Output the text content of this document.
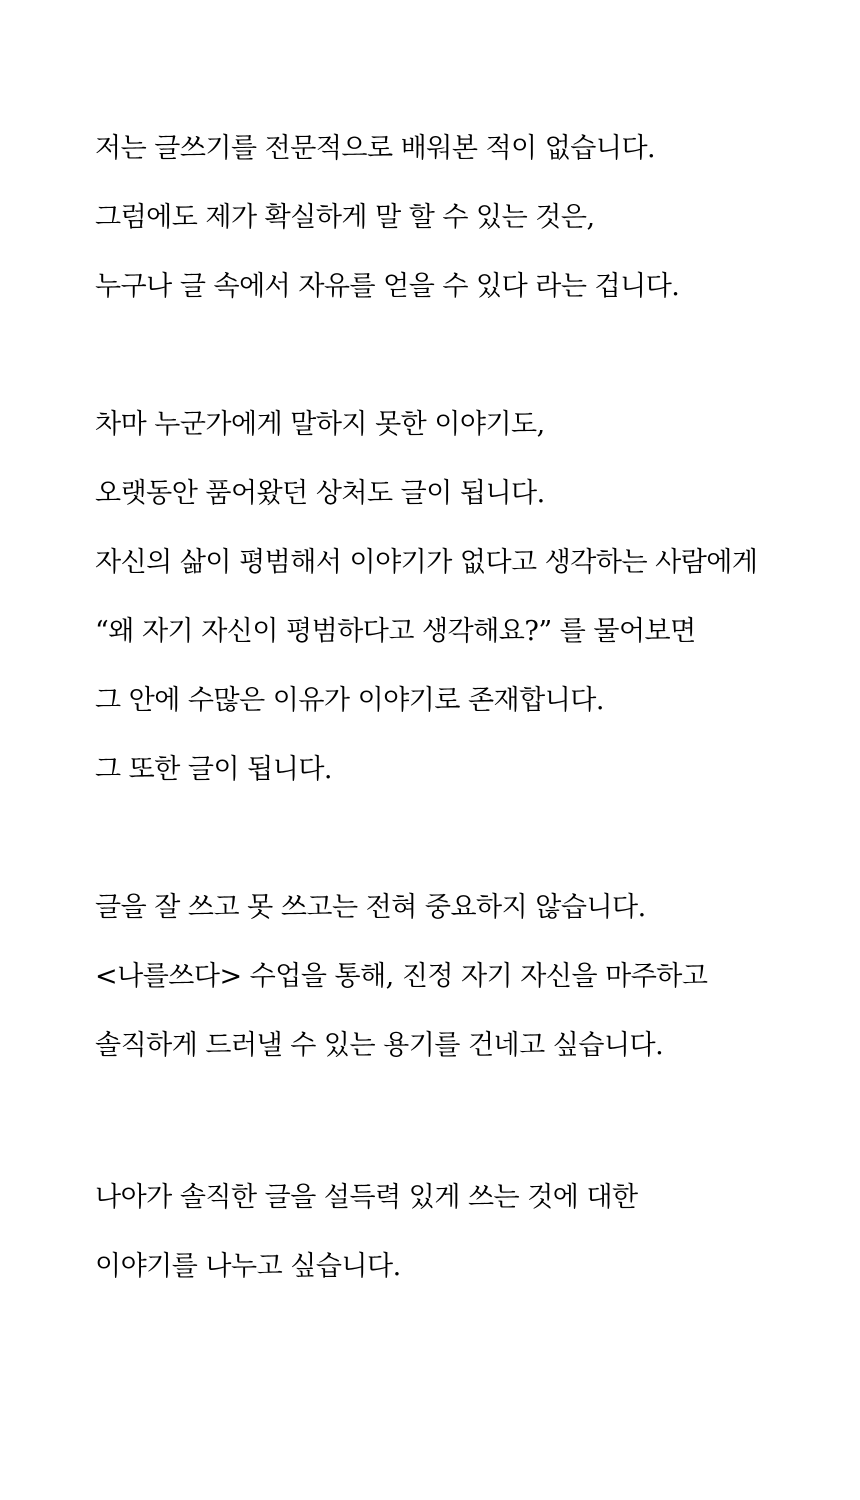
저는 글쓰기를 전문적으로 배워본 적이 없습니다.

그럼에도 제가 확실하게 말 할 수 있는 것은,

누구나 글 속에서 자유를 얻을 수 있다 라는 겁니다.

차마 누군가에게 말하지 못한 이야기도,

오랫동안 품어왔던 상처도 글이 됩니다.

자신의 삶이 평범해서 이야기가 없다고 생각하는 사람에게

“왜 자기 자신이 평범하다고 생각해요?” 를 물어보면

그 안에 수많은 이유가 이야기로 존재합니다.

그 또한 글이 됩니다.

글을 잘 쓰고 못 쓰고는 전혀 중요하지 않습니다.

<나를쓰다> 수업을 통해, 진정 자기 자신을 마주하고

솔직하게 드러낼 수 있는 용기를 건네고 싶습니다.

나아가 솔직한 글을 설득력 있게 쓰는 것에 대한

이야기를 나누고 싶습니다.
